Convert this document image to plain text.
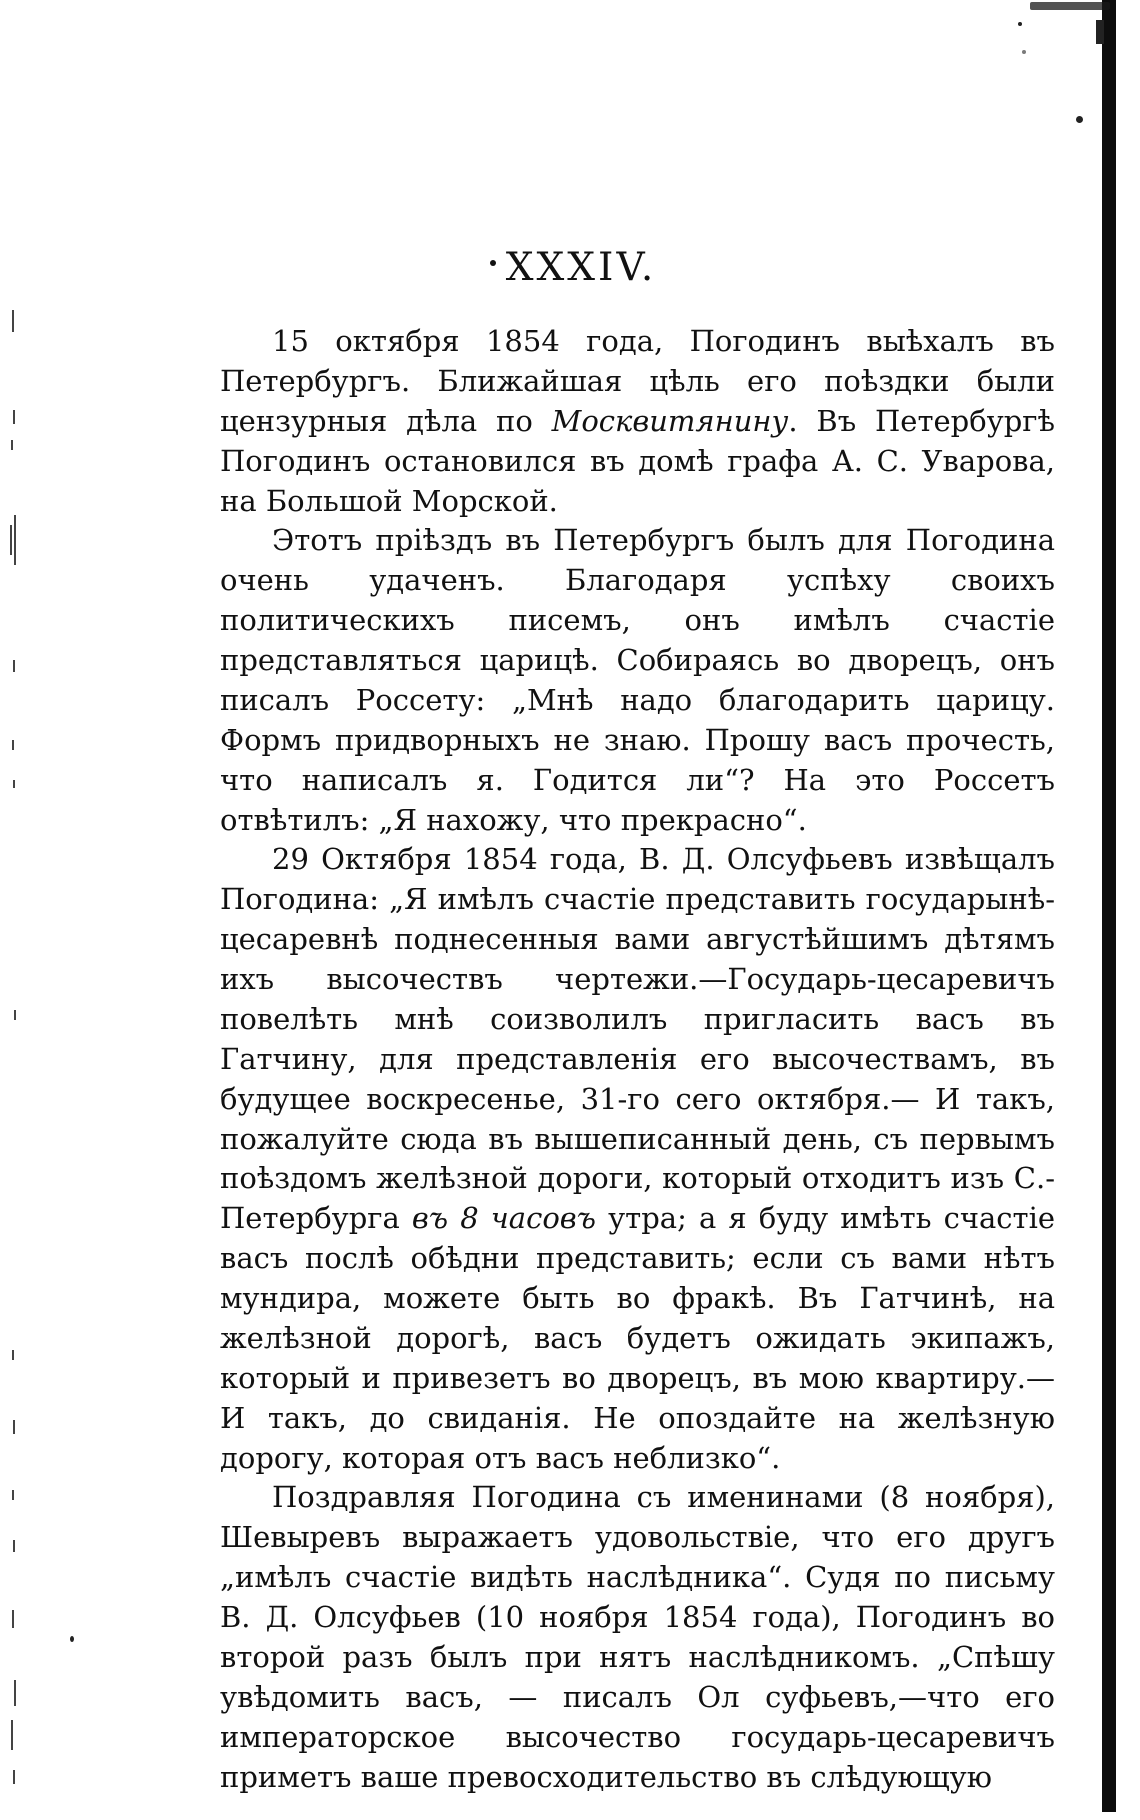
XXXIV.

15 октября 1854 года, Погодинъ выѣхалъ въ Петербургъ. Ближайшая цѣль его поѣздки были цензурныя дѣла по Москвитянину. Въ Петербургѣ Погодинъ остановился въ домѣ графа А. С. Уварова, на Большой Морской.

Этотъ пріѣздъ въ Петербургъ былъ для Погодина очень удаченъ. Благодаря успѣху своихъ политическихъ писемъ, онъ имѣлъ счастіе представляться царицѣ. Собираясь во дворецъ, онъ писалъ Россету: „Мнѣ надо благодарить царицу. Формъ придворныхъ не знаю. Прошу васъ прочесть, что написалъ я. Годится ли“? На это Россетъ отвѣтилъ: „Я нахожу, что прекрасно“.

29 Октября 1854 года, В. Д. Олсуфьевъ извѣщалъ Погодина: „Я имѣлъ счастіе представить государынѣ-цесаревнѣ поднесенныя вами августѣйшимъ дѣтямъ ихъ высочествъ чертежи.—Государь-цесаревичъ повелѣть мнѣ соизволилъ пригласить васъ въ Гатчину, для представленія его высочествамъ, въ будущее воскресенье, 31-го сего октября.— И такъ, пожалуйте сюда въ вышеписанный день, съ первымъ поѣздомъ желѣзной дороги, который отходитъ изъ С.-Петербурга въ 8 часовъ утра; а я буду имѣть счастіе васъ послѣ обѣдни представить; если съ вами нѣтъ мундира, можете быть во фракѣ. Въ Гатчинѣ, на желѣзной дорогѣ, васъ будетъ ожидать экипажъ, который и привезетъ во дворецъ, въ мою квартиру.—И такъ, до свиданія. Не опоздайте на желѣзную дорогу, которая отъ васъ неблизко“.

Поздравляя Погодина съ именинами (8 ноября), Шевыревъ выражаетъ удовольствіе, что его другъ „имѣлъ счастіе видѣть наслѣдника“. Судя по письму В. Д. Олсуфьев (10 ноября 1854 года), Погодинъ во второй разъ былъ при нятъ наслѣдникомъ. „Спѣшу увѣдомить васъ, — писалъ Ол суфьевъ,—что его императорское высочество государь-цесаревичъ приметъ ваше превосходительство въ слѣдующую
